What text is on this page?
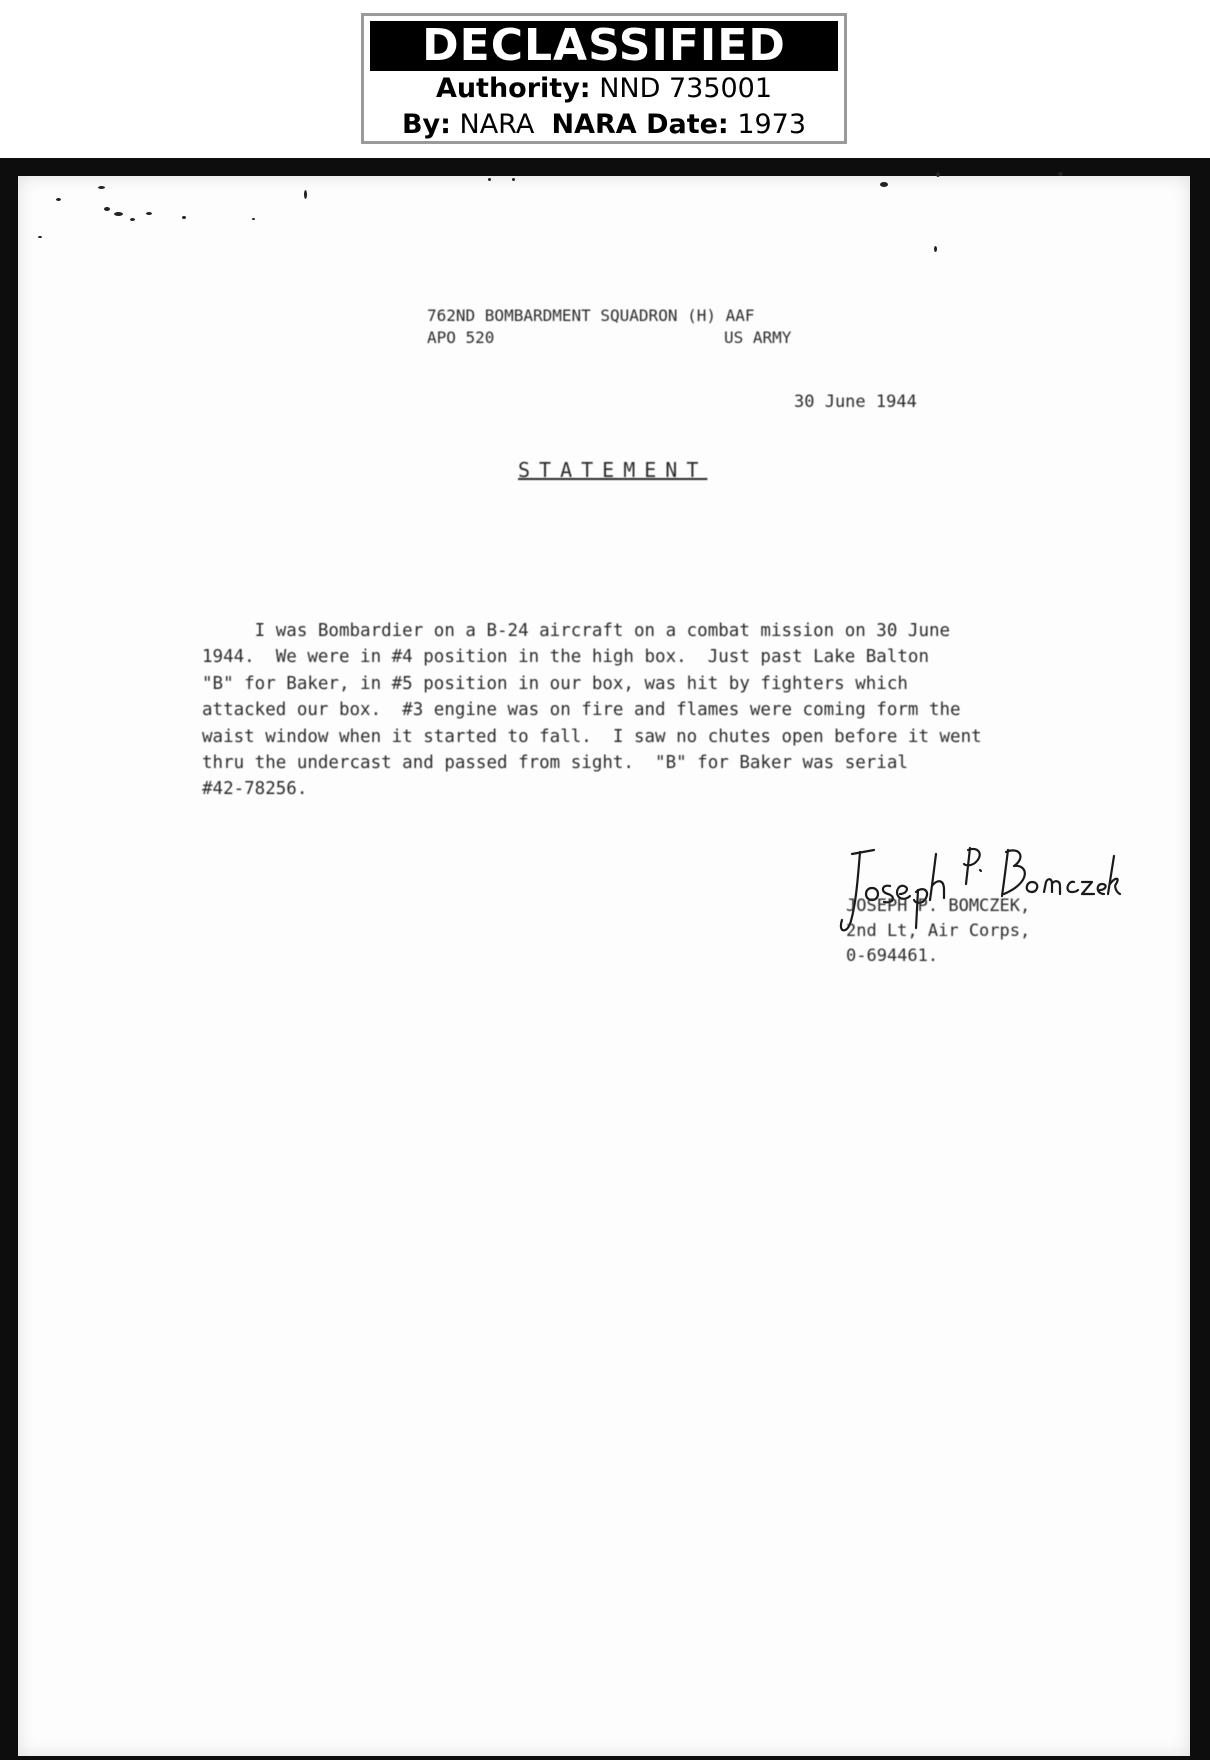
DECLASSIFIED
Authority: NND 735001
By: NARA NARA Date: 1973
762ND BOMBARDMENT SQUADRON (H) AAF
APO 520	US ARMY
30 June 1944
STATEMENT
I was Bombardier on a B-24 aircraft on a combat mission on 30 June
1944.  We were in #4 position in the high box.  Just past Lake Balton
"B" for Baker, in #5 position in our box, was hit by fighters which
attacked our box.  #3 engine was on fire and flames were coming form the
waist window when it started to fall.  I saw no chutes open before it went
thru the undercast and passed from sight.  "B" for Baker was serial
#42-78256.
JOSEPH P. BOMCZEK,
2nd Lt, Air Corps,
0-694461.
